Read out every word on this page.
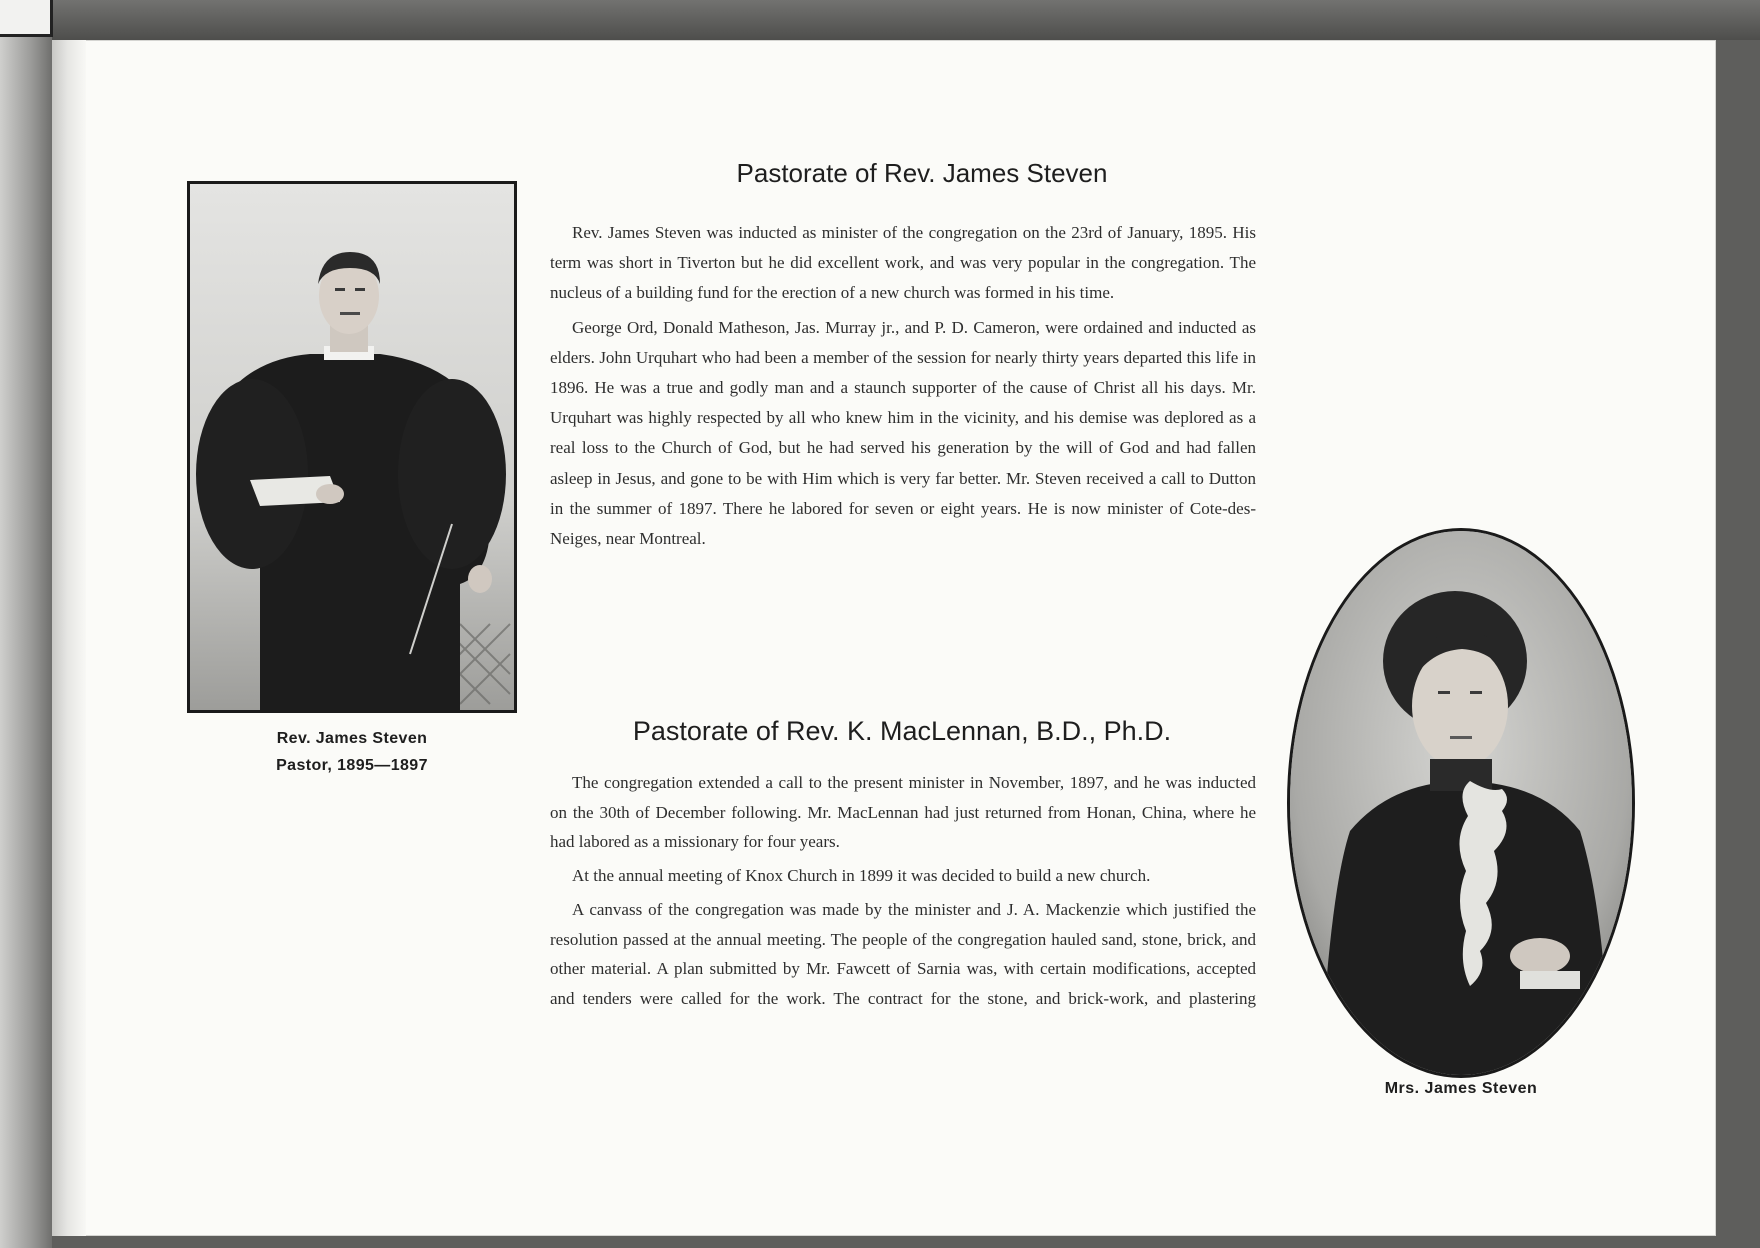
Rev. James Steven
Pastor, 1895—1897
Pastorate of Rev. James Steven

Rev. James Steven was inducted as minister of the congregation on the 23rd of January, 1895. His term was short in Tiverton but he did excellent work, and was very popular in the congregation. The nucleus of a building fund for the erection of a new church was formed in his time.

George Ord, Donald Matheson, Jas. Murray jr., and P. D. Cameron, were ordained and inducted as elders. John Urquhart who had been a member of the session for nearly thirty years departed this life in 1896. He was a true and godly man and a staunch supporter of the cause of Christ all his days. Mr. Urquhart was highly respected by all who knew him in the vicinity, and his demise was deplored as a real loss to the Church of God, but he had served his generation by the will of God and had fallen asleep in Jesus, and gone to be with Him which is very far better. Mr. Steven received a call to Dutton in the summer of 1897. There he labored for seven or eight years. He is now minister of Cote-des-Neiges, near Montreal.

Pastorate of Rev. K. MacLennan, B.D., Ph.D.

The congregation extended a call to the present minister in November, 1897, and he was inducted on the 30th of December following. Mr. MacLennan had just returned from Honan, China, where he had labored as a missionary for four years.

At the annual meeting of Knox Church in 1899 it was decided to build a new church.

A canvass of the congregation was made by the minister and J. A. Mackenzie which justified the resolution passed at the annual meeting. The people of the congregation hauled sand, stone, brick, and other material. A plan submitted by Mr. Fawcett of Sarnia was, with certain modifications, accepted and tenders were called for the work. The contract for the stone, and brick-work, and plastering

Mrs. James Steven
